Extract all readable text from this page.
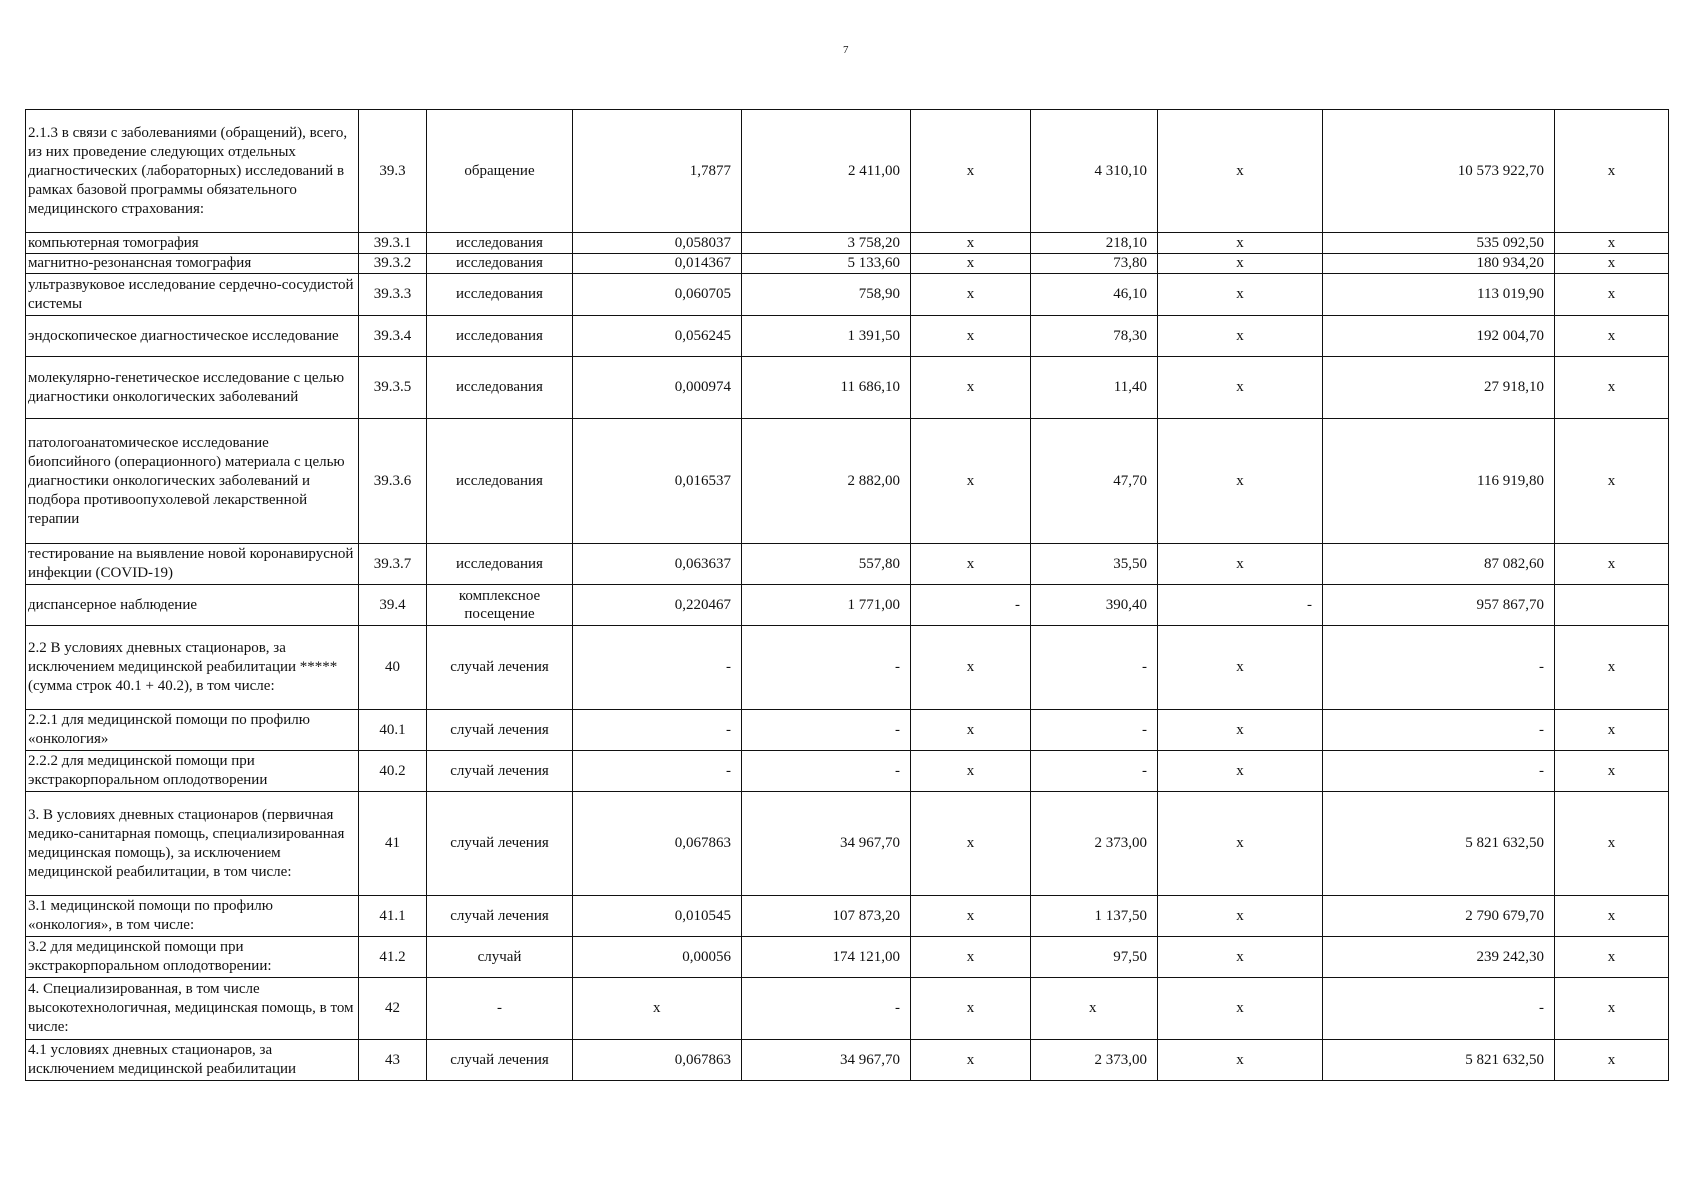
7
2.1.3 в связи с заболеваниями (обращений), всего, из них проведение следующих отдельных диагностических (лабораторных) исследований в рамках базовой программы обязательного медицинского страхования:	39.3	обращение	1,7877	2 411,00	x	4 310,10	x	10 573 922,70	x
компьютерная томография	39.3.1	исследования	0,058037	3 758,20	x	218,10	x	535 092,50	x
магнитно-резонансная томография	39.3.2	исследования	0,014367	5 133,60	x	73,80	x	180 934,20	x
ультразвуковое исследование сердечно-сосудистой системы	39.3.3	исследования	0,060705	758,90	x	46,10	x	113 019,90	x
эндоскопическое диагностическое исследование	39.3.4	исследования	0,056245	1 391,50	x	78,30	x	192 004,70	x
молекулярно-генетическое исследование с целью диагностики онкологических заболеваний	39.3.5	исследования	0,000974	11 686,10	x	11,40	x	27 918,10	x
патологоанатомическое исследование биопсийного (операционного) материала с целью диагностики онкологических заболеваний и подбора противоопухолевой лекарственной терапии	39.3.6	исследования	0,016537	2 882,00	x	47,70	x	116 919,80	x
тестирование на выявление новой коронавирусной инфекции (COVID-19)	39.3.7	исследования	0,063637	557,80	x	35,50	x	87 082,60	x
диспансерное наблюдение	39.4	комплексное посещение	0,220467	1 771,00	-	390,40	-	957 867,70	
2.2 В условиях дневных стационаров, за исключением медицинской реабилитации ***** (сумма строк 40.1 + 40.2), в том числе:	40	случай лечения	-	-	x	-	x	-	x
2.2.1 для медицинской помощи по профилю «онкология»	40.1	случай лечения	-	-	x	-	x	-	x
2.2.2 для медицинской помощи при экстракорпоральном оплодотворении	40.2	случай лечения	-	-	x	-	x	-	x
3. В условиях дневных стационаров (первичная медико-санитарная помощь, специализированная медицинская помощь), за исключением медицинской реабилитации, в том числе:	41	случай лечения	0,067863	34 967,70	x	2 373,00	x	5 821 632,50	x
3.1 медицинской помощи по профилю «онкология», в том числе:	41.1	случай лечения	0,010545	107 873,20	x	1 137,50	x	2 790 679,70	x
3.2 для медицинской помощи при экстракорпоральном оплодотворении:	41.2	случай	0,00056	174 121,00	x	97,50	x	239 242,30	x
4. Специализированная, в том числе высокотехнологичная, медицинская помощь, в том числе:	42	-	x	-	x	x	x	-	x
4.1 условиях дневных стационаров, за исключением медицинской реабилитации	43	случай лечения	0,067863	34 967,70	x	2 373,00	x	5 821 632,50	x
